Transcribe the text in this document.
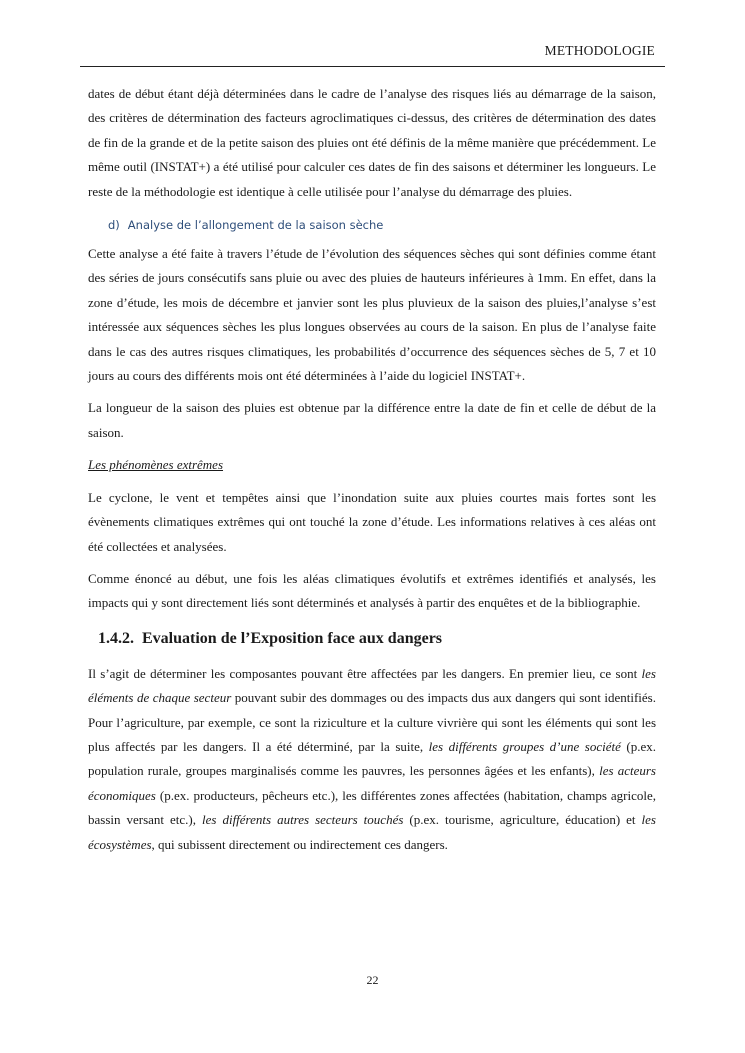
METHODOLOGIE

dates de début étant déjà déterminées dans le cadre de l’analyse des risques liés au démarrage de la saison, des critères de détermination des facteurs agroclimatiques ci-dessus, des critères de détermination des dates de fin de la grande et de la petite saison des pluies ont été définis de la même manière que précédemment. Le même outil (INSTAT+) a été utilisé pour calculer ces dates de fin des saisons et déterminer les longueurs. Le reste de la méthodologie est identique à celle utilisée pour l’analyse du démarrage des pluies.

d) Analyse de l’allongement de la saison sèche

Cette analyse a été faite à travers l’étude de l’évolution des séquences sèches qui sont définies comme étant des séries de jours consécutifs sans pluie ou avec des pluies de hauteurs inférieures à 1mm. En effet, dans la zone d’étude, les mois de décembre et janvier sont les plus pluvieux de la saison des pluies,l’analyse s’est intéressée aux séquences sèches les plus longues observées au cours de la saison. En plus de l’analyse faite dans le cas des autres risques climatiques, les probabilités d’occurrence des séquences sèches de 5, 7 et 10 jours au cours des différents mois ont été déterminées à l’aide du logiciel INSTAT+.

La longueur de la saison des pluies est obtenue par la différence entre la date de fin et celle de début de la saison.

Les phénomènes extrêmes

Le cyclone, le vent et tempêtes ainsi que l’inondation suite aux pluies courtes mais fortes sont les évènements climatiques extrêmes qui ont touché la zone d’étude. Les informations relatives à ces aléas ont été collectées et analysées.

Comme énoncé au début, une fois les aléas climatiques évolutifs et extrêmes identifiés et analysés, les impacts qui y sont directement liés sont déterminés et analysés à partir des enquêtes et de la bibliographie.

1.4.2. Evaluation de l’Exposition face aux dangers

Il s’agit de déterminer les composantes pouvant être affectées par les dangers. En premier lieu, ce sont les éléments de chaque secteur pouvant subir des dommages ou des impacts dus aux dangers qui sont identifiés. Pour l’agriculture, par exemple, ce sont la riziculture et la culture vivrière qui sont les éléments qui sont les plus affectés par les dangers. Il a été déterminé, par la suite, les différents groupes d’une société (p.ex. population rurale, groupes marginalisés comme les pauvres, les personnes âgées et les enfants), les acteurs économiques (p.ex. producteurs, pêcheurs etc.), les différentes zones affectées (habitation, champs agricole, bassin versant etc.), les différents autres secteurs touchés (p.ex. tourisme, agriculture, éducation) et les écosystèmes, qui subissent directement ou indirectement ces dangers.

22
